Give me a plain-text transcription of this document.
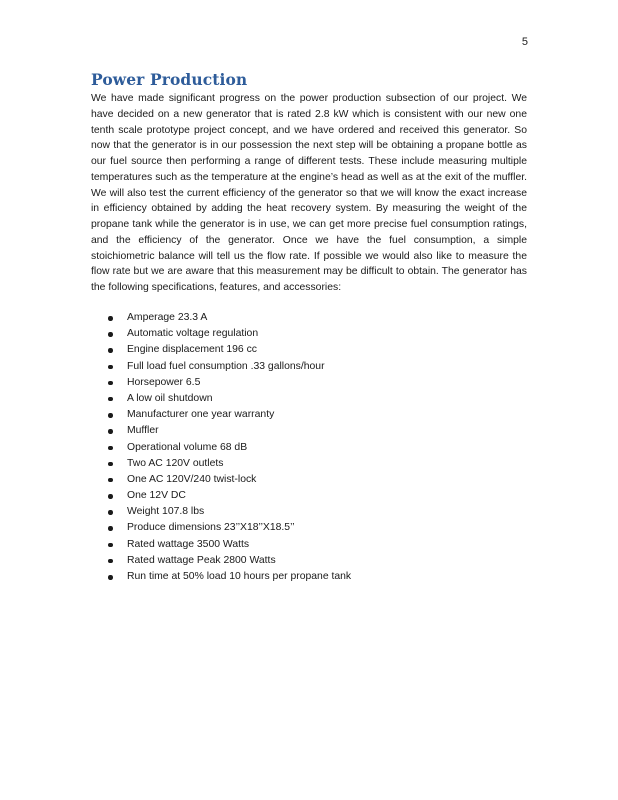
5
Power Production

We have made significant progress on the power production subsection of our project. We have decided on a new generator that is rated 2.8 kW which is consistent with our new one tenth scale prototype project concept, and we have ordered and received this generator. So now that the generator is in our possession the next step will be obtaining a propane bottle as our fuel source then performing a range of different tests. These include measuring multiple temperatures such as the temperature at the engine’s head as well as at the exit of the muffler. We will also test the current efficiency of the generator so that we will know the exact increase in efficiency obtained by adding the heat recovery system. By measuring the weight of the propane tank while the generator is in use, we can get more precise fuel consumption ratings, and the efficiency of the generator. Once we have the fuel consumption, a simple stoichiometric balance will tell us the flow rate. If possible we would also like to measure the flow rate but we are aware that this measurement may be difficult to obtain. The generator has the following specifications, features, and accessories:

Amperage 23.3 A
Automatic voltage regulation
Engine displacement 196 cc
Full load fuel consumption .33 gallons/hour
Horsepower 6.5
A low oil shutdown
Manufacturer one year warranty
Muffler
Operational volume 68 dB
Two AC 120V outlets
One AC 120V/240 twist-lock
One 12V DC
Weight 107.8 lbs
Produce dimensions 23’’X18’’X18.5’’
Rated wattage 3500 Watts
Rated wattage Peak 2800 Watts
Run time at 50% load 10 hours per propane tank
